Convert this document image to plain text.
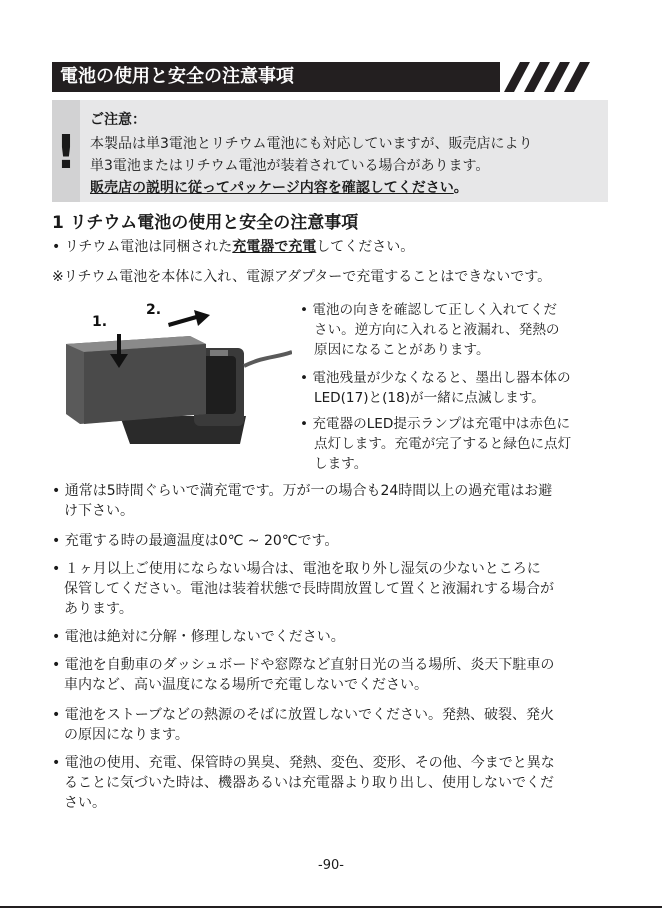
電池の使用と安全の注意事項
!
ご注意：
本製品は単3電池とリチウム電池にも対応していますが、販売店により
単3電池またはリチウム電池が装着されている場合があります。
販売店の説明に従ってパッケージ内容を確認してください。
1 リチウム電池の使用と安全の注意事項
• リチウム電池は同梱された充電器で充電してください。
※リチウム電池を本体に入れ、電源アダプターで充電することはできないです。
1.
2.	• 電池の向きを確認して正しく入れてくだ
さい。逆方向に入れると液漏れ、発熱の
原因になることがあります。
• 電池残量が少なくなると、墨出し器本体の
LED(17)と(18)が一緒に点滅します。
• 充電器のLED提示ランプは充電中は赤色に
点灯します。充電が完了すると緑色に点灯
します。
• 通常は5時間ぐらいで満充電です。万が一の場合も24時間以上の過充電はお避
け下さい。
• 充電する時の最適温度は0℃ ~ 20℃です。
• １ヶ月以上ご使用にならない場合は、電池を取り外し湿気の少ないところに
保管してください。電池は装着状態で長時間放置して置くと液漏れする場合が
あります。
• 電池は絶対に分解・修理しないでください。
• 電池を自動車のダッシュボードや窓際など直射日光の当る場所、炎天下駐車の
車内など、高い温度になる場所で充電しないでください。
• 電池をストーブなどの熱源のそばに放置しないでください。発熱、破裂、発火
の原因になります。
• 電池の使用、充電、保管時の異臭、発熱、変色、変形、その他、今までと異な
ることに気づいた時は、機器あるいは充電器より取り出し、使用しないでくだ
さい。
-90-
